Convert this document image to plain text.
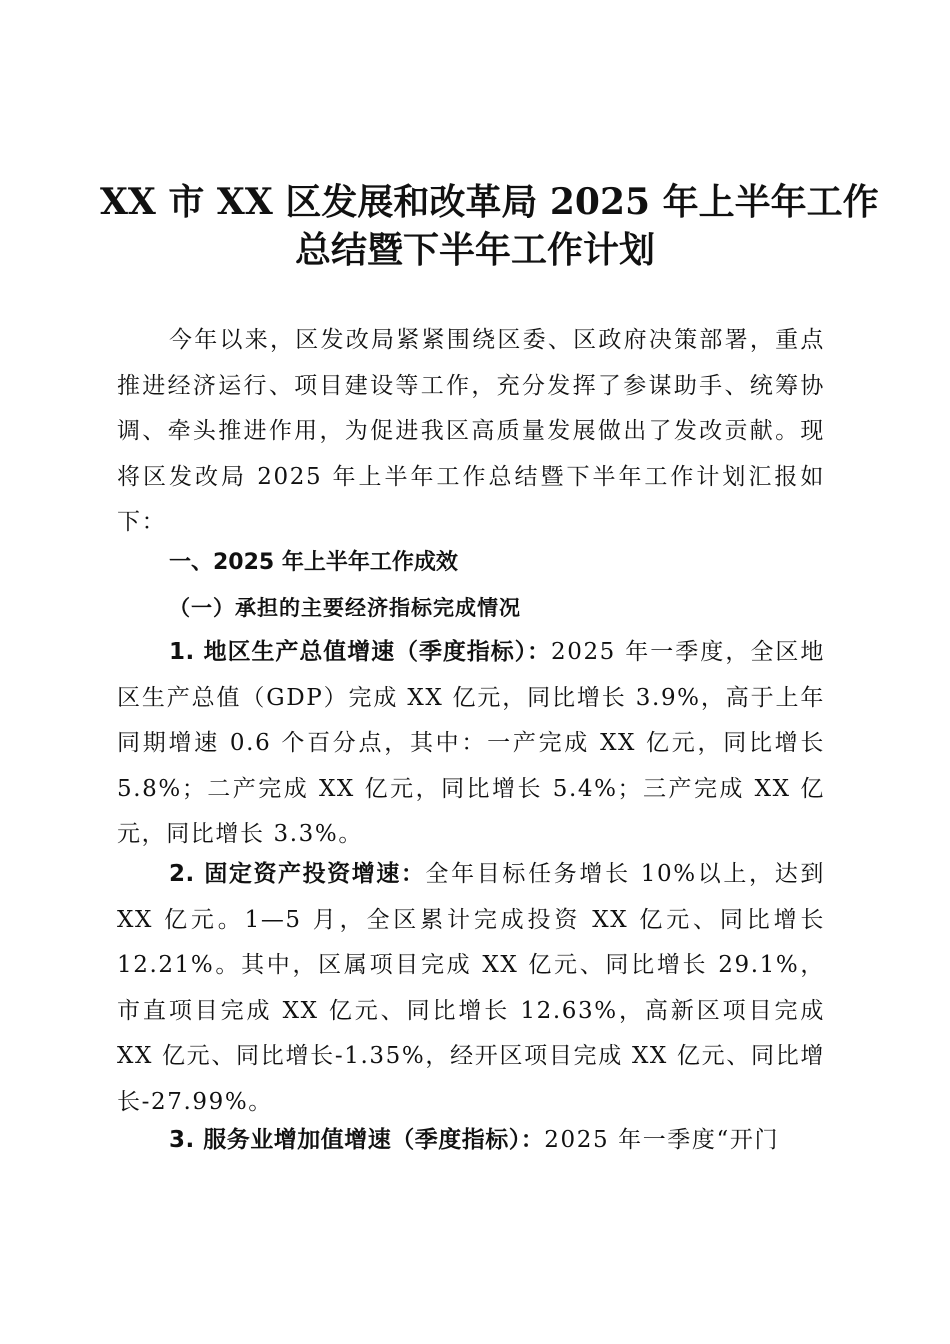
XX 市 XX 区发展和改革局 2025 年上半年工作
总结暨下半年工作计划

今年以来，区发改局紧紧围绕区委、区政府决策部署，重点推进经济运行、项目建设等工作，充分发挥了参谋助手、统筹协调、牵头推进作用，为促进我区高质量发展做出了发改贡献。现将区发改局 2025 年上半年工作总结暨下半年工作计划汇报如下：

一、2025 年上半年工作成效
（一）承担的主要经济指标完成情况

1. 地区生产总值增速（季度指标）：2025 年一季度，全区地区生产总值（GDP）完成 XX 亿元，同比增长 3.9%，高于上年同期增速 0.6 个百分点，其中：一产完成 XX 亿元，同比增长 5.8%；二产完成 XX 亿元，同比增长 5.4%；三产完成 XX 亿元，同比增长 3.3%。

2. 固定资产投资增速：全年目标任务增长 10%以上，达到 XX 亿元。1—5 月，全区累计完成投资 XX 亿元、同比增长 12.21%。其中，区属项目完成 XX 亿元、同比增长 29.1%，市直项目完成 XX 亿元、同比增长 12.63%，高新区项目完成 XX 亿元、同比增长-1.35%，经开区项目完成 XX 亿元、同比增长-27.99%。

3. 服务业增加值增速（季度指标）：2025 年一季度“开门
